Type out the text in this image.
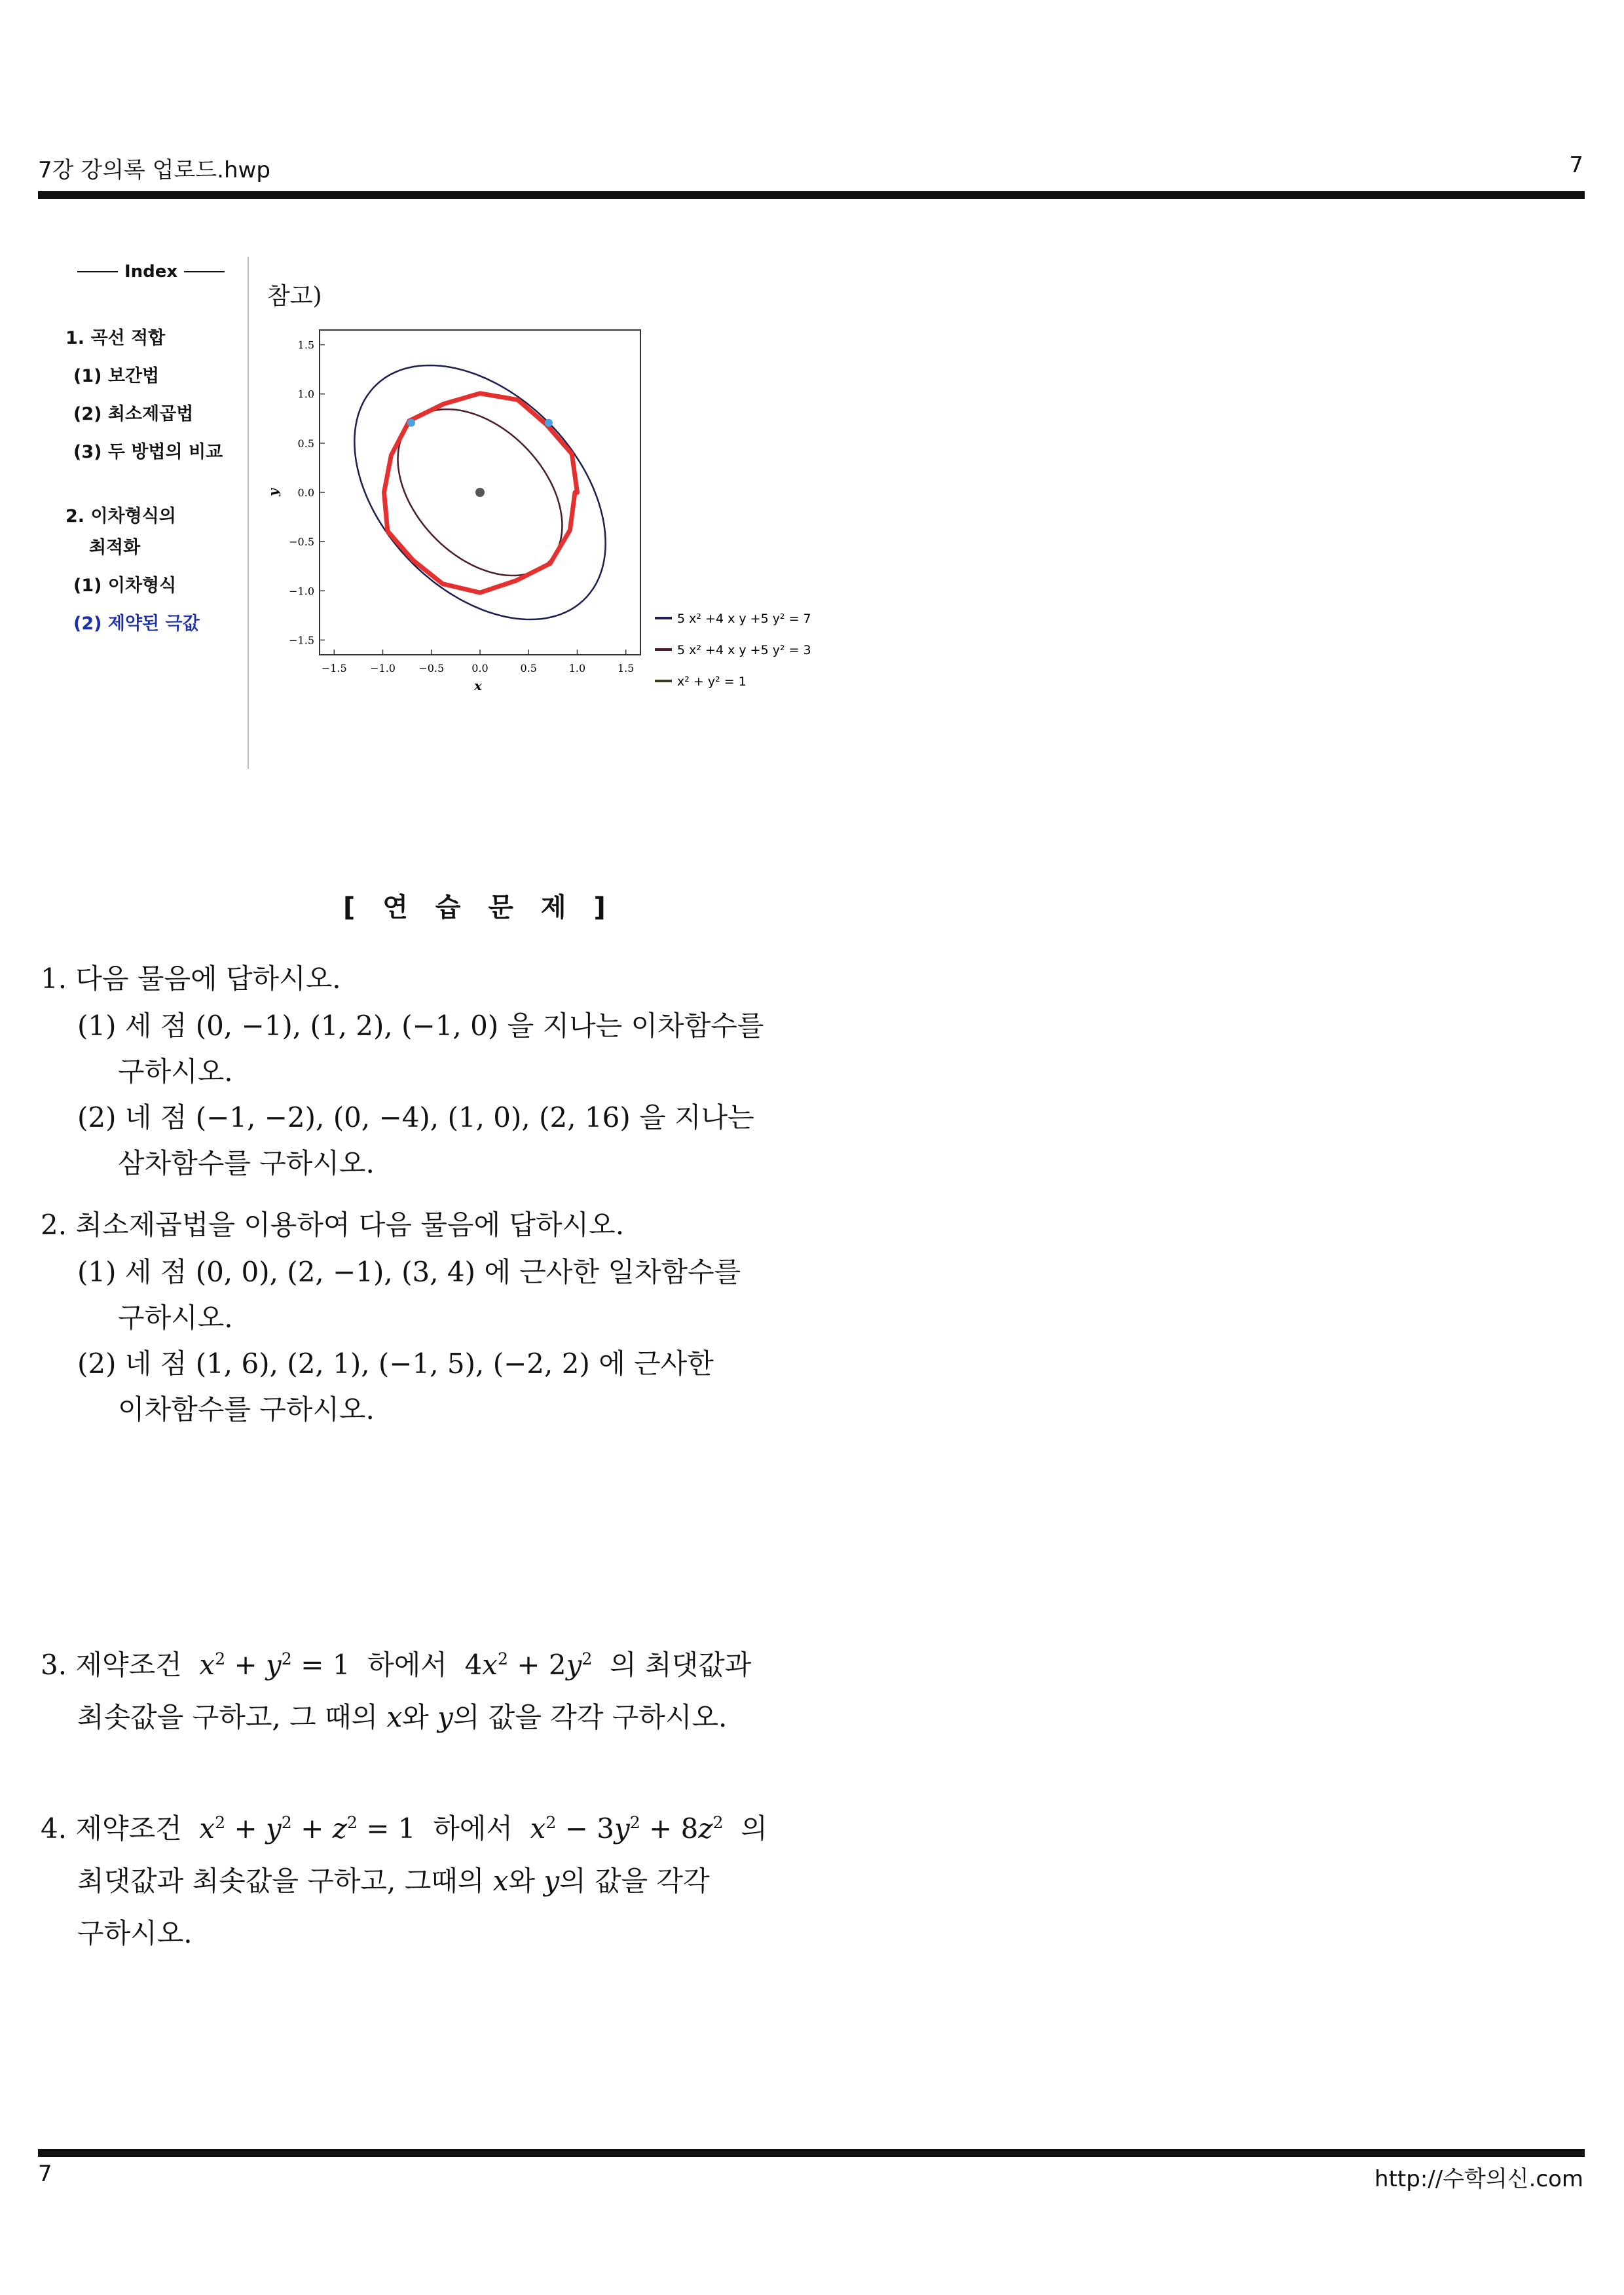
7강 강의록 업로드.hwp	7
Index
1. 곡선 적합
(1) 보간법
(2) 최소제곱법
(3) 두 방법의 비교
2. 이차형식의
최적화
(1) 이차형식
(2) 제약된 극값
참고)
−1.5
1.5
−1.0
1.0
−0.5
0.5
0.0
0.0
0.5
−0.5
1.0
−1.0
1.5
−1.5
x
y
5 x² +4 x y +5 y² = 7
5 x² +4 x y +5 y² = 3
x² + y² = 1
[ 연 습 문 제 ]
1. 다음 물음에 답하시오.
(1) 세 점 (0, −1), (1, 2), (−1, 0) 을 지나는 이차함수를
구하시오.
(2) 네 점 (−1, −2), (0, −4), (1, 0), (2, 16) 을 지나는
삼차함수를 구하시오.
2. 최소제곱법을 이용하여 다음 물음에 답하시오.
(1) 세 점 (0, 0), (2, −1), (3, 4) 에 근사한 일차함수를
구하시오.
(2) 네 점 (1, 6), (2, 1), (−1, 5), (−2, 2) 에 근사한
이차함수를 구하시오.
3. 제약조건 $x^2 + y^2 = 1$ 하에서 $4x^2 + 2y^2$ 의 최댓값과
최솟값을 구하고, 그 때의 x와 y의 값을 각각 구하시오.
4. 제약조건 $x^2 + y^2 + z^2 = 1$ 하에서 $x^2 - 3y^2 + 8z^2$ 의
최댓값과 최솟값을 구하고, 그때의 x와 y의 값을 각각
구하시오.
7	http://수학의신.com
